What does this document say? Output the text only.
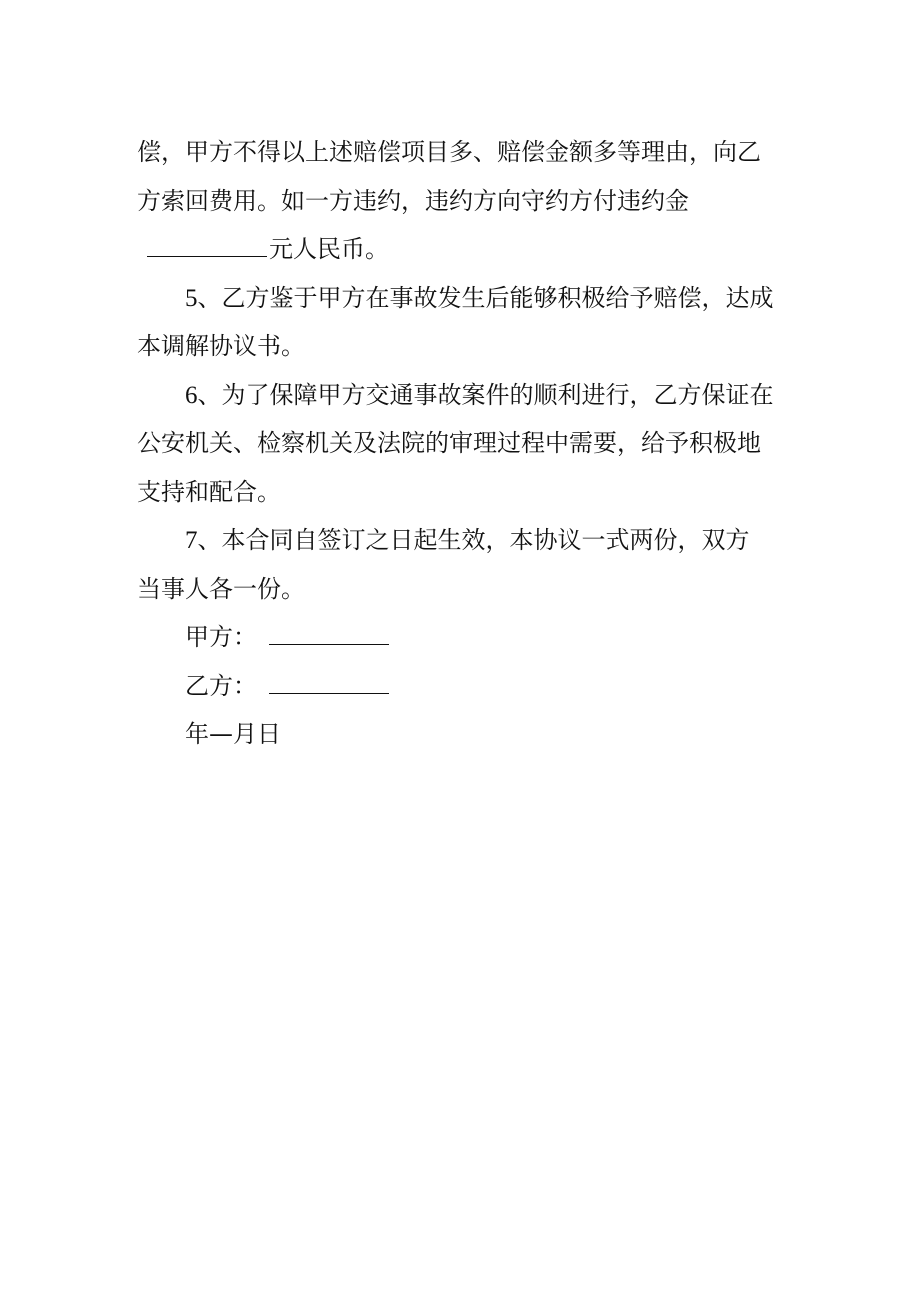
偿，甲方不得以上述赔偿项目多、赔偿金额多等理由，向乙
方索回费用。如一方违约，违约方向守约方付违约金
元人民币。
5、乙方鉴于甲方在事故发生后能够积极给予赔偿，达成
本调解协议书。
6、为了保障甲方交通事故案件的顺利进行，乙方保证在
公安机关、检察机关及法院的审理过程中需要，给予积极地
支持和配合。
7、本合同自签订之日起生效，本协议一式两份，双方
当事人各一份。
甲方：
乙方：
年—月日
